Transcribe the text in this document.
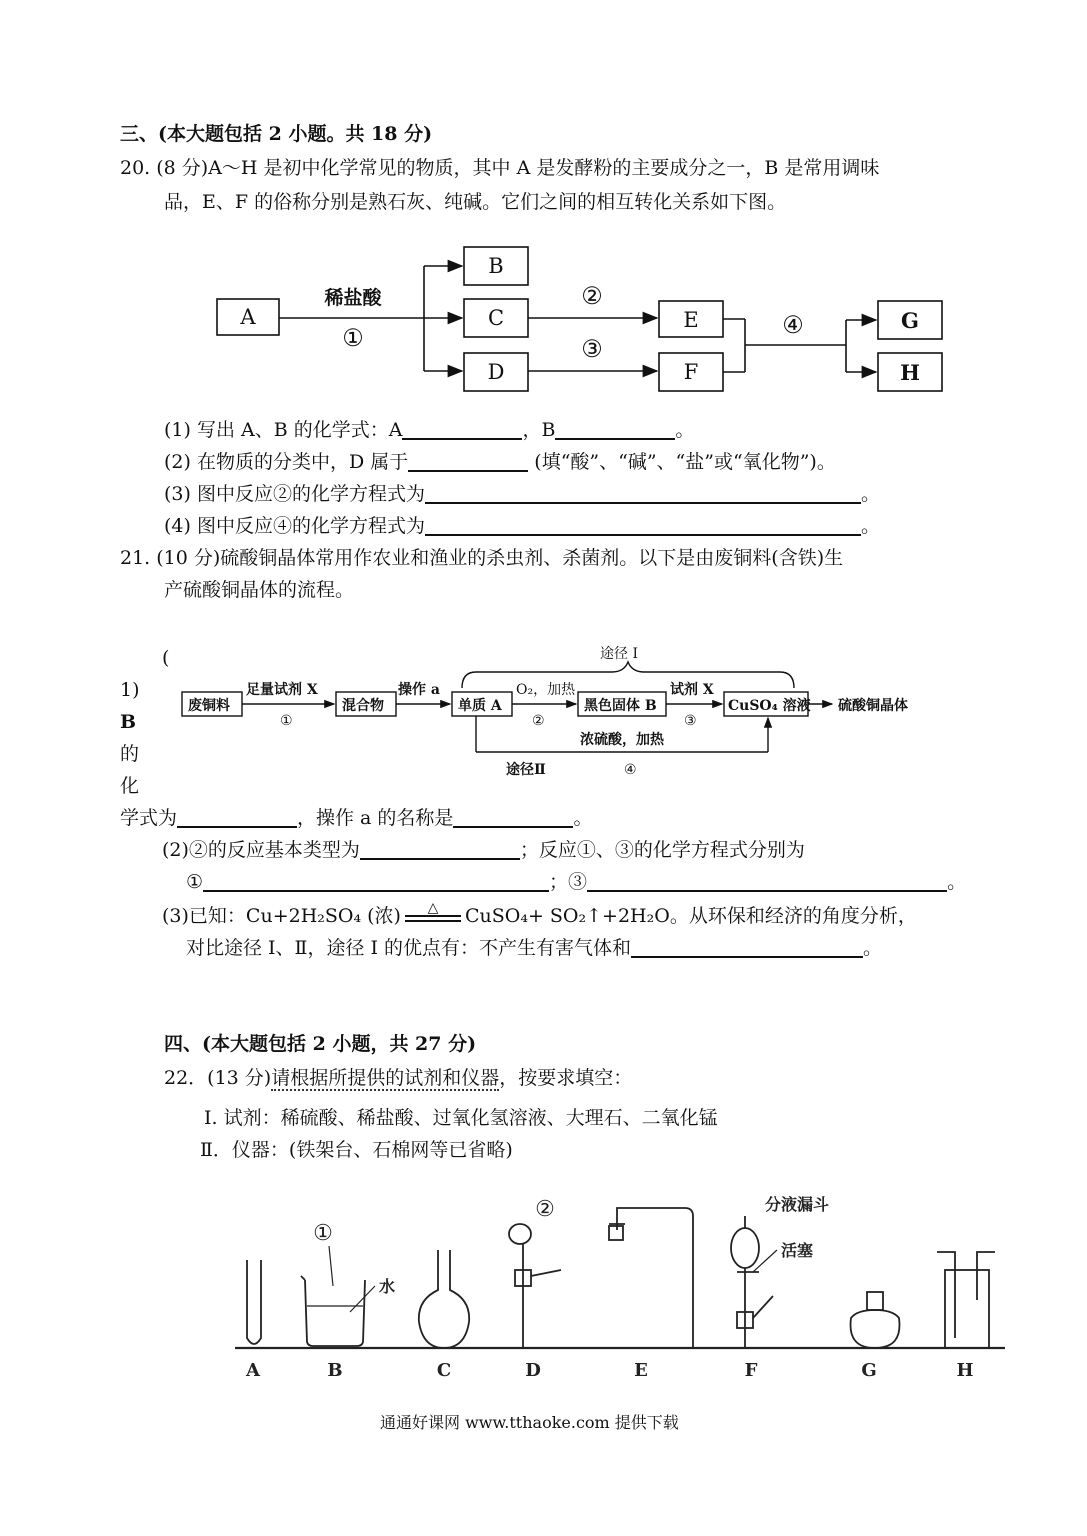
三、(本大题包括 2 小题。共 18 分)
20. (8 分)A～H 是初中化学常见的物质，其中 A 是发酵粉的主要成分之一，B 是常用调味
品，E、F 的俗称分别是熟石灰、纯碱。它们之间的相互转化关系如下图。
A
B
C
D
E
F
G
H
稀盐酸
①
②
③
④
(1) 写出 A、B 的化学式：A	，B	。
(2) 在物质的分类中，D 属于	(填“酸”、“碱”、“盐”或“氧化物”)。
(3) 图中反应②的化学方程式为	。
(4) 图中反应④的化学方程式为	。
21. (10 分)硫酸铜晶体常用作农业和渔业的杀虫剂、杀菌剂。以下是由废铜料(含铁)生
产硫酸铜晶体的流程。
(
1)
B
的
化
废铜料
足量试剂 X
①
混合物
操作 a
单质 A
O₂，加热
②
黑色固体 B
试剂 X
③
CuSO₄ 溶液 硫酸铜晶体
途径 I
途径Ⅱ
浓硫酸，加热
④
学式为	，操作 a 的名称是	。
(2)②的反应基本类型为	；反应①、③的化学方程式分别为
①	；③	。
(3)已知：Cu+2H₂SO₄ (浓)	△	CuSO₄+ SO₂↑+2H₂O。从环保和经济的角度分析，
对比途径 I、Ⅱ，途径 I 的优点有：不产生有害气体和	。
四、(本大题包括 2 小题，共 27 分)
22．(13 分)请根据所提供的试剂和仪器，按要求填空：
Ⅰ. 试剂：稀硫酸、稀盐酸、过氧化氢溶液、大理石、二氧化锰
Ⅱ．仪器：(铁架台、石棉网等已省略)
A	B	C	D	E	F	G	H
①
②
水
分液漏斗
活塞
通通好课网 www.tthaoke.com 提供下载
